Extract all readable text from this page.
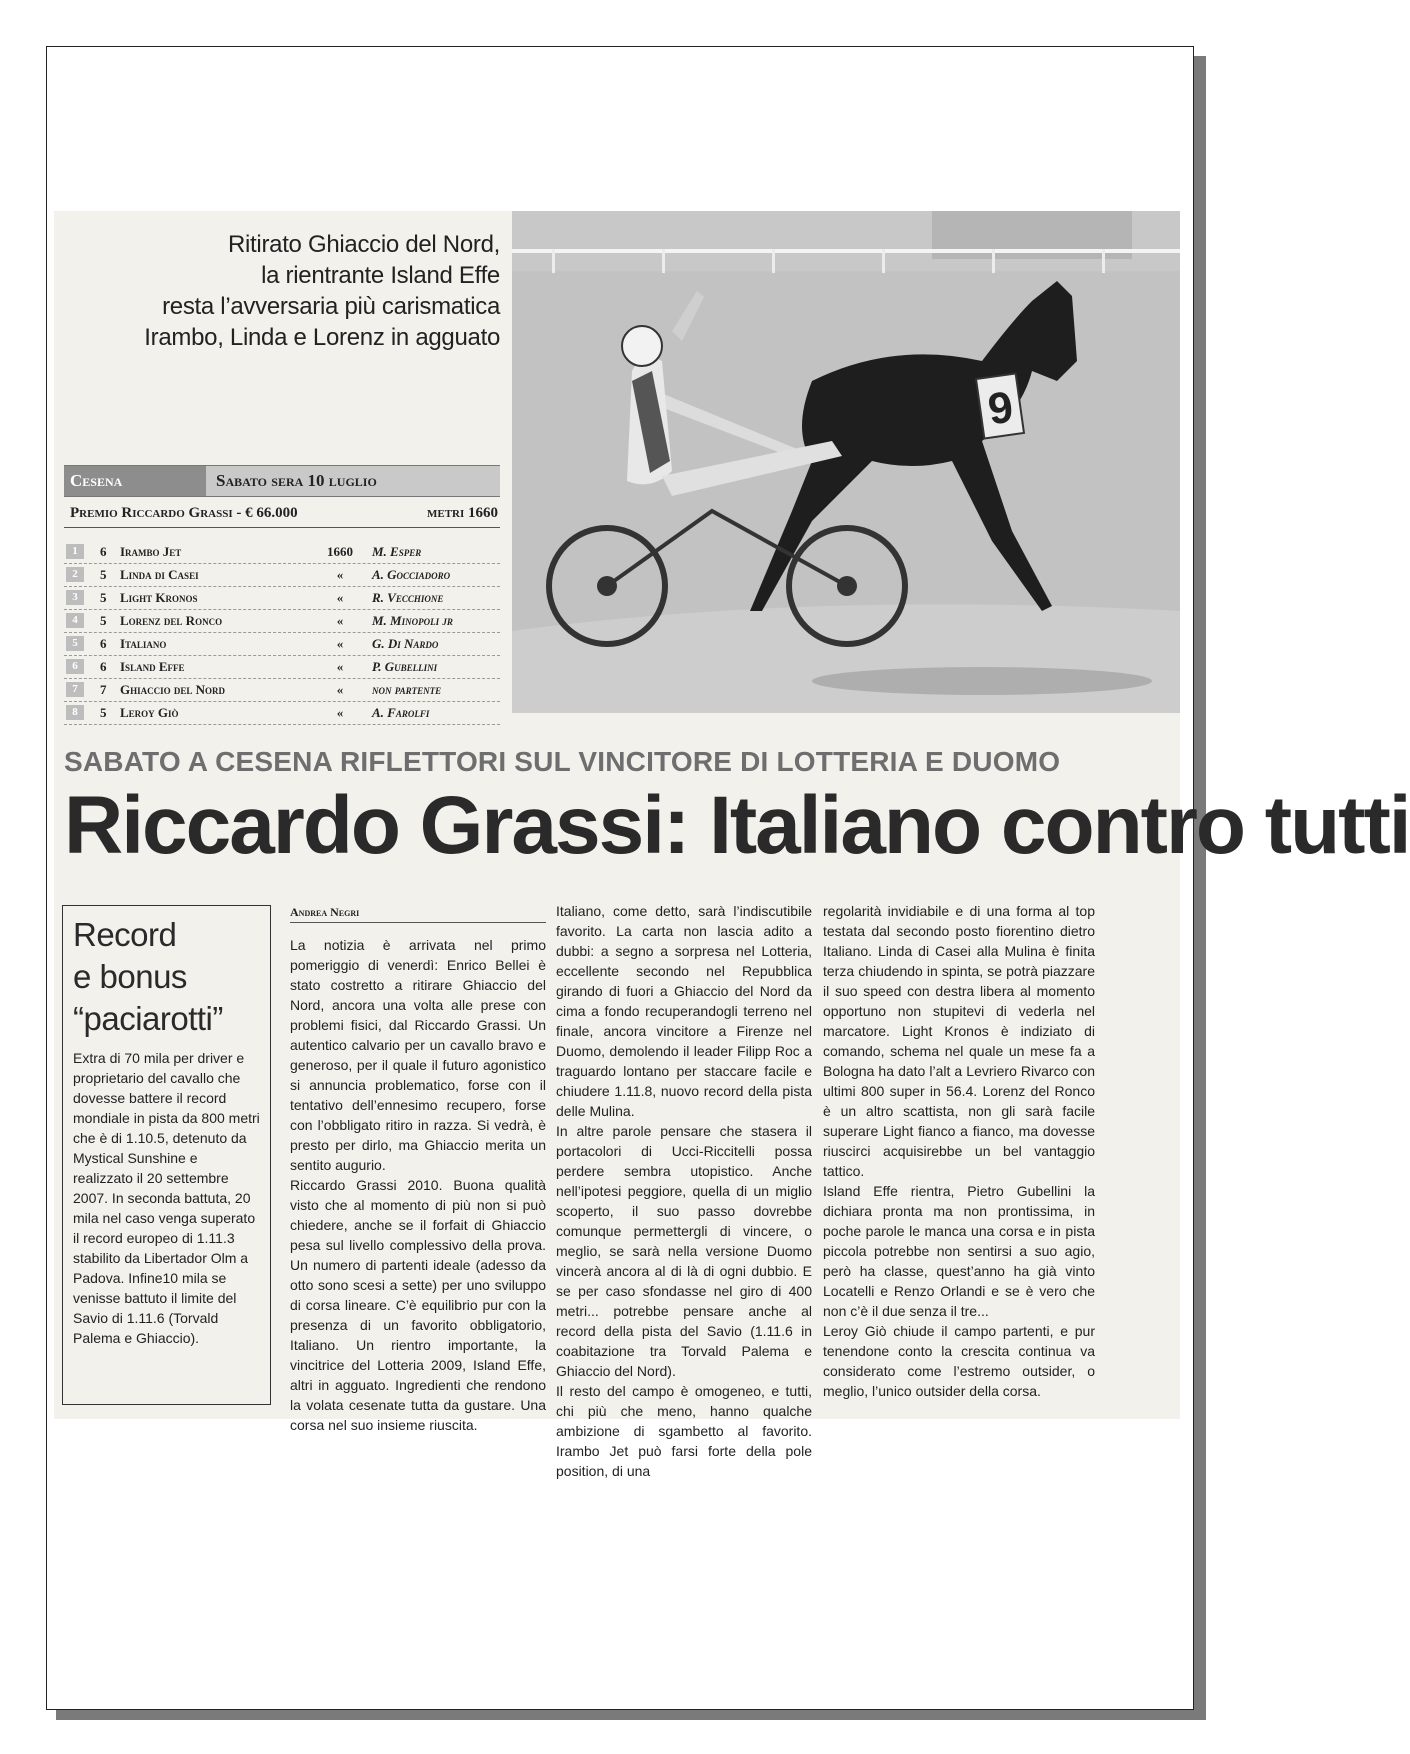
Ritirato Ghiaccio del Nord,
la rientrante Island Effe
resta l’avversaria più carismatica
Irambo, Linda e Lorenz in agguato
9
Cesena	Sabato sera 10 luglio
Premio Riccardo Grassi - € 66.000	metri 1660
1	6 Irambo Jet	1660	M. Esper
2	5 Linda di Casei	«	A. Gocciadoro
3	5 Light Kronos	«	R. Vecchione
4	5 Lorenz del Ronco	«	M. Minopoli jr
5	6 Italiano	«	G. Di Nardo
6	6 Island Effe	«	P. Gubellini
7	7 Ghiaccio del Nord	«	non partente
8	5 Leroy Giò	«	A. Farolfi
SABATO A CESENA RIFLETTORI SUL VINCITORE DI LOTTERIA E DUOMO
Riccardo Grassi: Italiano contro tutti
Record
e bonus
“paciarotti”
Extra di 70 mila per driver e proprietario del cavallo che dovesse battere il record mondiale in pista da 800 metri che è di 1.10.5, detenuto da Mystical Sunshine e realizzato il 20 settembre 2007. In seconda battuta, 20 mila nel caso venga superato il record europeo di 1.11.3 stabilito da Libertador Olm a Padova. Infine10 mila se venisse battuto il limite del Savio di 1.11.6 (Torvald Palema e Ghiaccio).
Andrea Negri

La notizia è arrivata nel primo pomeriggio di venerdì: Enrico Bellei è stato costretto a ritirare Ghiaccio del Nord, ancora una volta alle prese con problemi fisici, dal Riccardo Grassi. Un autentico calvario per un cavallo bravo e generoso, per il quale il futuro agonistico si annuncia problematico, forse con il tentativo dell’ennesimo recupero, forse con l’obbligato ritiro in razza. Si vedrà, è presto per dirlo, ma Ghiaccio merita un sentito augurio.

Riccardo Grassi 2010. Buona qualità visto che al momento di più non si può chiedere, anche se il forfait di Ghiaccio pesa sul livello complessivo della prova. Un numero di partenti ideale (adesso da otto sono scesi a sette) per uno sviluppo di corsa lineare. C’è equilibrio pur con la presenza di un favorito obbligatorio, Italiano. Un rientro importante, la vincitrice del Lotteria 2009, Island Effe, altri in agguato. Ingredienti che rendono la volata cesenate tutta da gustare. Una corsa nel suo insieme riuscita.

Italiano, come detto, sarà l’indiscutibile favorito. La carta non lascia adito a dubbi: a segno a sorpresa nel Lotteria, eccellente secondo nel Repubblica girando di fuori a Ghiaccio del Nord da cima a fondo recuperandogli terreno nel finale, ancora vincitore a Firenze nel Duomo, demolendo il leader Filipp Roc a traguardo lontano per staccare facile e chiudere 1.11.8, nuovo record della pista delle Mulina.

In altre parole pensare che stasera il portacolori di Ucci-Riccitelli possa perdere sembra utopistico. Anche nell’ipotesi peggiore, quella di un miglio scoperto, il suo passo dovrebbe comunque permettergli di vincere, o meglio, se sarà nella versione Duomo vincerà ancora al di là di ogni dubbio. E se per caso sfondasse nel giro di 400 metri... potrebbe pensare anche al record della pista del Savio (1.11.6 in coabitazione tra Torvald Palema e Ghiaccio del Nord).

Il resto del campo è omogeneo, e tutti, chi più che meno, hanno qualche ambizione di sgambetto al favorito. Irambo Jet può farsi forte della pole position, di una

regolarità invidiabile e di una forma al top testata dal secondo posto fiorentino dietro Italiano. Linda di Casei alla Mulina è finita terza chiudendo in spinta, se potrà piazzare il suo speed con destra libera al momento opportuno non stupitevi di vederla nel marcatore. Light Kronos è indiziato di comando, schema nel quale un mese fa a Bologna ha dato l’alt a Levriero Rivarco con ultimi 800 super in 56.4. Lorenz del Ronco è un altro scattista, non gli sarà facile superare Light fianco a fianco, ma dovesse riuscirci acquisirebbe un bel vantaggio tattico.

Island Effe rientra, Pietro Gubellini la dichiara pronta ma non prontissima, in poche parole le manca una corsa e in pista piccola potrebbe non sentirsi a suo agio, però ha classe, quest’anno ha già vinto Locatelli e Renzo Orlandi e se è vero che non c’è il due senza il tre...

Leroy Giò chiude il campo partenti, e pur tenendone conto la crescita continua va considerato come l’estremo outsider, o meglio, l’unico outsider della corsa.
